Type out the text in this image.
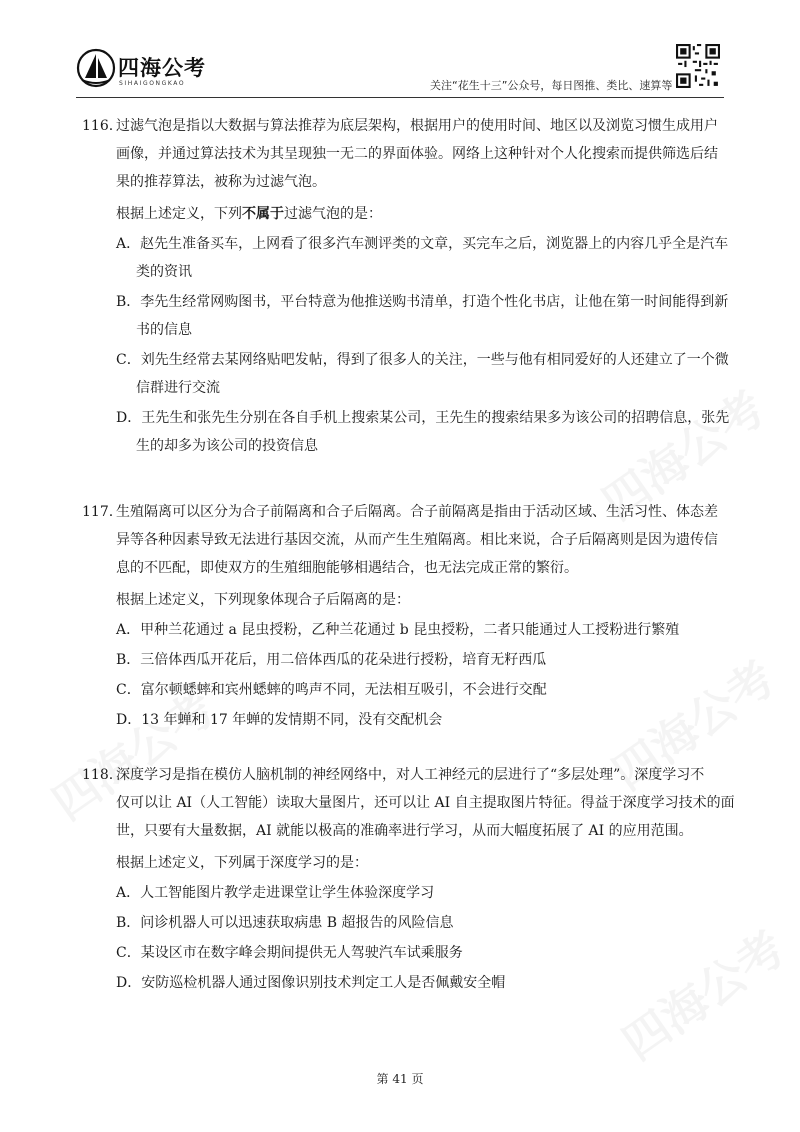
四海公考
SIHAIGONGKAO	关注“花生十三”公众号，每日图推、类比、速算等
116. 过滤气泡是指以大数据与算法推荐为底层架构，根据用户的使用时间、地区以及浏览习惯生成用户
画像，并通过算法技术为其呈现独一无二的界面体验。网络上这种针对个人化搜索而提供筛选后结
果的推荐算法，被称为过滤气泡。
根据上述定义，下列不属于过滤气泡的是：
A．赵先生准备买车，上网看了很多汽车测评类的文章，买完车之后，浏览器上的内容几乎全是汽车
类的资讯
B．李先生经常网购图书，平台特意为他推送购书清单，打造个性化书店，让他在第一时间能得到新
书的信息
C．刘先生经常去某网络贴吧发帖，得到了很多人的关注，一些与他有相同爱好的人还建立了一个微
信群进行交流
D．王先生和张先生分别在各自手机上搜索某公司，王先生的搜索结果多为该公司的招聘信息，张先
生的却多为该公司的投资信息
117. 生殖隔离可以区分为合子前隔离和合子后隔离。合子前隔离是指由于活动区域、生活习性、体态差
异等各种因素导致无法进行基因交流，从而产生生殖隔离。相比来说，合子后隔离则是因为遗传信
息的不匹配，即使双方的生殖细胞能够相遇结合，也无法完成正常的繁衍。
根据上述定义，下列现象体现合子后隔离的是：
A．甲种兰花通过 a 昆虫授粉，乙种兰花通过 b 昆虫授粉，二者只能通过人工授粉进行繁殖
B．三倍体西瓜开花后，用二倍体西瓜的花朵进行授粉，培育无籽西瓜
C．富尔顿蟋蟀和宾州蟋蟀的鸣声不同，无法相互吸引，不会进行交配
D．13 年蝉和 17 年蝉的发情期不同，没有交配机会
118. 深度学习是指在模仿人脑机制的神经网络中，对人工神经元的层进行了“多层处理”。深度学习不
仅可以让 AI（人工智能）读取大量图片，还可以让 AI 自主提取图片特征。得益于深度学习技术的面
世，只要有大量数据，AI 就能以极高的准确率进行学习，从而大幅度拓展了 AI 的应用范围。
根据上述定义，下列属于深度学习的是：
A．人工智能图片教学走进课堂让学生体验深度学习
B．问诊机器人可以迅速获取病患 B 超报告的风险信息
C．某设区市在数字峰会期间提供无人驾驶汽车试乘服务
D．安防巡检机器人通过图像识别技术判定工人是否佩戴安全帽
第 41 页
